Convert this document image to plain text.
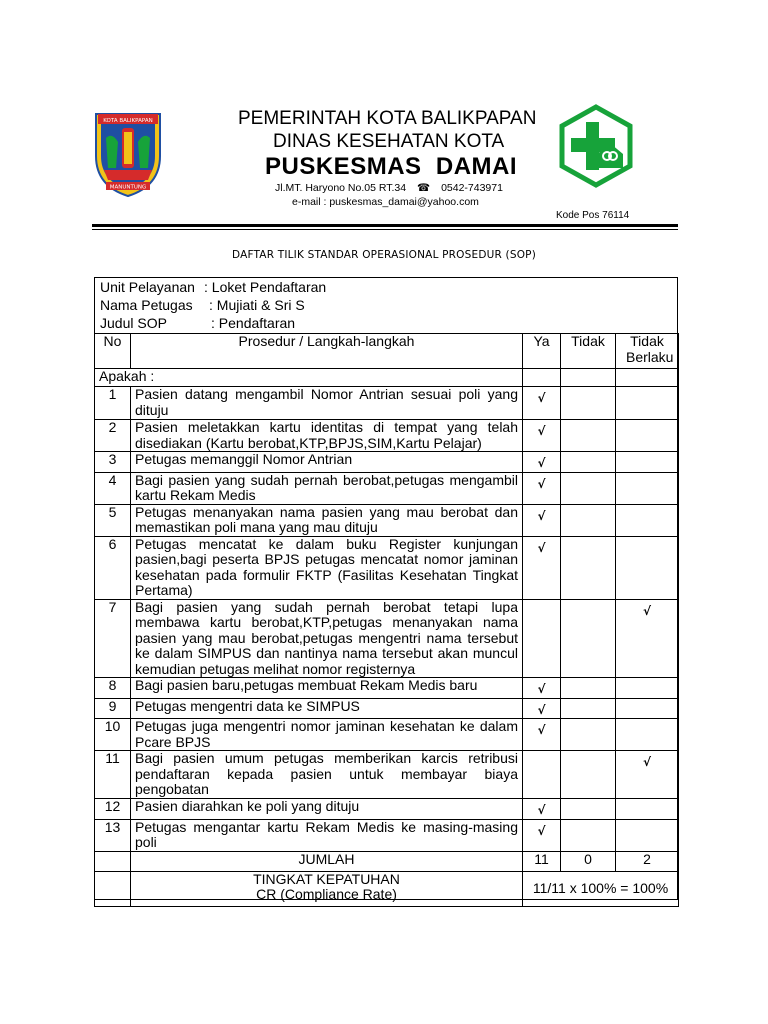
KOTA BALIKPAPAN
MANUNTUNG
PEMERINTAH KOTA BALIKPAPAN
DINAS KESEHATAN KOTA
PUSKESMAS  DAMAI
Jl.MT. Haryono No.05 RT.34 ☎ 0542-743971
e-mail : puskesmas_damai@yahoo.com
Kode Pos 76114
DAFTAR TILIK STANDAR OPERASIONAL PROSEDUR (SOP)
Unit Pelayanan : Loket Pendaftaran
Nama Petugas : Mujiati & Sri S
Judul SOP	: Pendaftaran
No	Prosedur / Langkah-langkah	Ya	Tidak	Tidak Berlaku
Apakah :				
1	Pasien datang mengambil Nomor Antrian sesuai poli yang dituju	√		
2	Pasien meletakkan kartu identitas di tempat yang telah disediakan (Kartu berobat,KTP,BPJS,SIM,Kartu Pelajar)	√		
3	Petugas memanggil Nomor Antrian	√		
4	Bagi pasien yang sudah pernah berobat,petugas mengambil kartu Rekam Medis	√		
5	Petugas menanyakan nama pasien yang mau berobat dan memastikan poli mana yang mau dituju	√		
6	Petugas mencatat ke dalam buku Register kunjungan pasien,bagi peserta BPJS petugas mencatat nomor jaminan kesehatan pada formulir FKTP (Fasilitas Kesehatan Tingkat Pertama)	√		
7	Bagi pasien yang sudah pernah berobat tetapi lupa membawa kartu berobat,KTP,petugas menanyakan nama pasien yang mau berobat,petugas mengentri nama tersebut ke dalam SIMPUS dan nantinya nama tersebut akan muncul kemudian petugas melihat nomor registernya			√
8	Bagi pasien baru,petugas membuat Rekam Medis baru	√		
9	Petugas mengentri data ke SIMPUS	√		
10	Petugas juga mengentri nomor jaminan kesehatan ke dalam Pcare BPJS	√		
11	Bagi pasien umum petugas memberikan karcis retribusi pendaftaran kepada pasien untuk membayar biaya pengobatan			√
12	Pasien diarahkan ke poli yang dituju	√		
13	Petugas mengantar kartu Rekam Medis ke masing-masing poli	√		
	JUMLAH	11	0	2

	TINGKAT KEPATUHAN
CR (Compliance Rate)	11/11 x 100% = 100%		
